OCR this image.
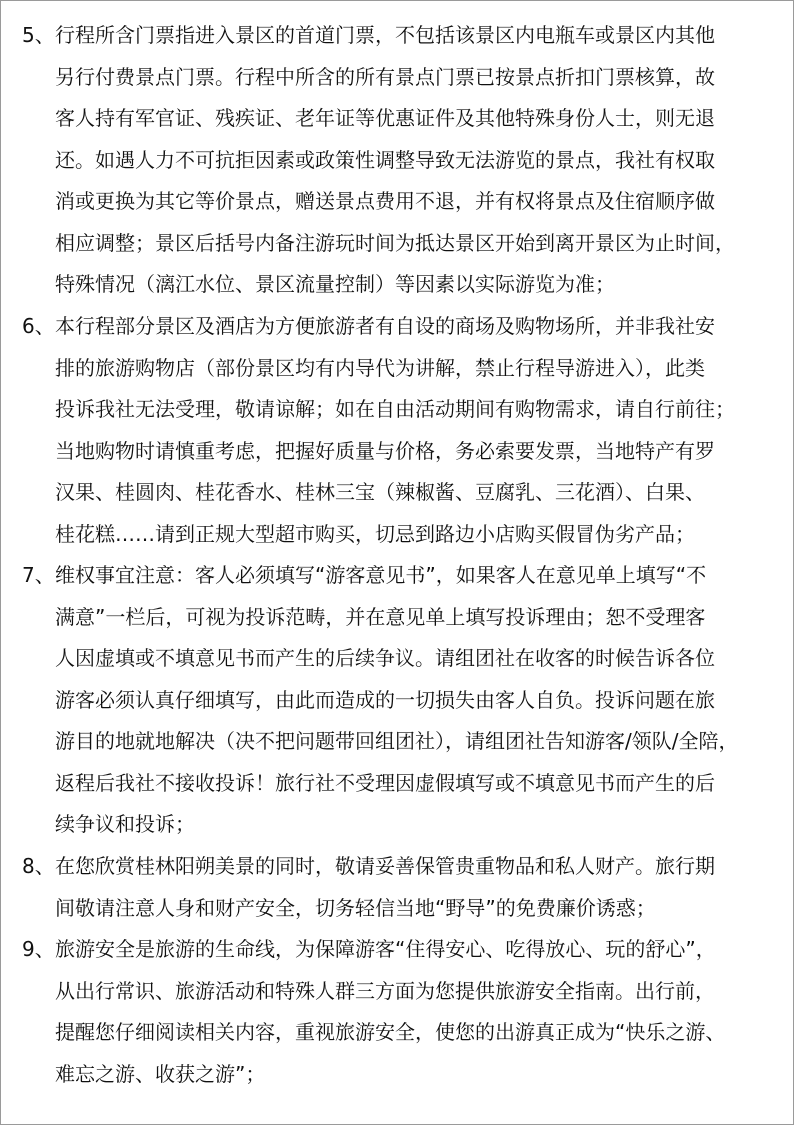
5、 行程所含门票指进入景区的首道门票，不包括该景区内电瓶车或景区内其他
另行付费景点门票。行程中所含的所有景点门票已按景点折扣门票核算，故
客人持有军官证、残疾证、老年证等优惠证件及其他特殊身份人士，则无退
还。如遇人力不可抗拒因素或政策性调整导致无法游览的景点，我社有权取
消或更换为其它等价景点，赠送景点费用不退，并有权将景点及住宿顺序做
相应调整；景区后括号内备注游玩时间为抵达景区开始到离开景区为止时间，
特殊情况（漓江水位、景区流量控制）等因素以实际游览为准；
6、 本行程部分景区及酒店为方便旅游者有自设的商场及购物场所，并非我社安
排的旅游购物店（部份景区均有内导代为讲解，禁止行程导游进入），此类
投诉我社无法受理，敬请谅解；如在自由活动期间有购物需求，请自行前往；
当地购物时请慎重考虑，把握好质量与价格，务必索要发票，当地特产有罗
汉果、桂圆肉、桂花香水、桂林三宝（辣椒酱、豆腐乳、三花酒）、白果、
桂花糕……请到正规大型超市购买，切忌到路边小店购买假冒伪劣产品；
7、 维权事宜注意：客人必须填写“游客意见书”，如果客人在意见单上填写“不
满意”一栏后，可视为投诉范畴，并在意见单上填写投诉理由；恕不受理客
人因虚填或不填意见书而产生的后续争议。请组团社在收客的时候告诉各位
游客必须认真仔细填写，由此而造成的一切损失由客人自负。投诉问题在旅
游目的地就地解决（决不把问题带回组团社），请组团社告知游客/领队/全陪，
返程后我社不接收投诉！旅行社不受理因虚假填写或不填意见书而产生的后
续争议和投诉；
8、 在您欣赏桂林阳朔美景的同时，敬请妥善保管贵重物品和私人财产。旅行期
间敬请注意人身和财产安全，切务轻信当地“野导”的免费廉价诱惑；
9、 旅游安全是旅游的生命线，为保障游客“住得安心、吃得放心、玩的舒心”，
从出行常识、旅游活动和特殊人群三方面为您提供旅游安全指南。出行前，
提醒您仔细阅读相关内容，重视旅游安全，使您的出游真正成为“快乐之游、
难忘之游、收获之游”；
